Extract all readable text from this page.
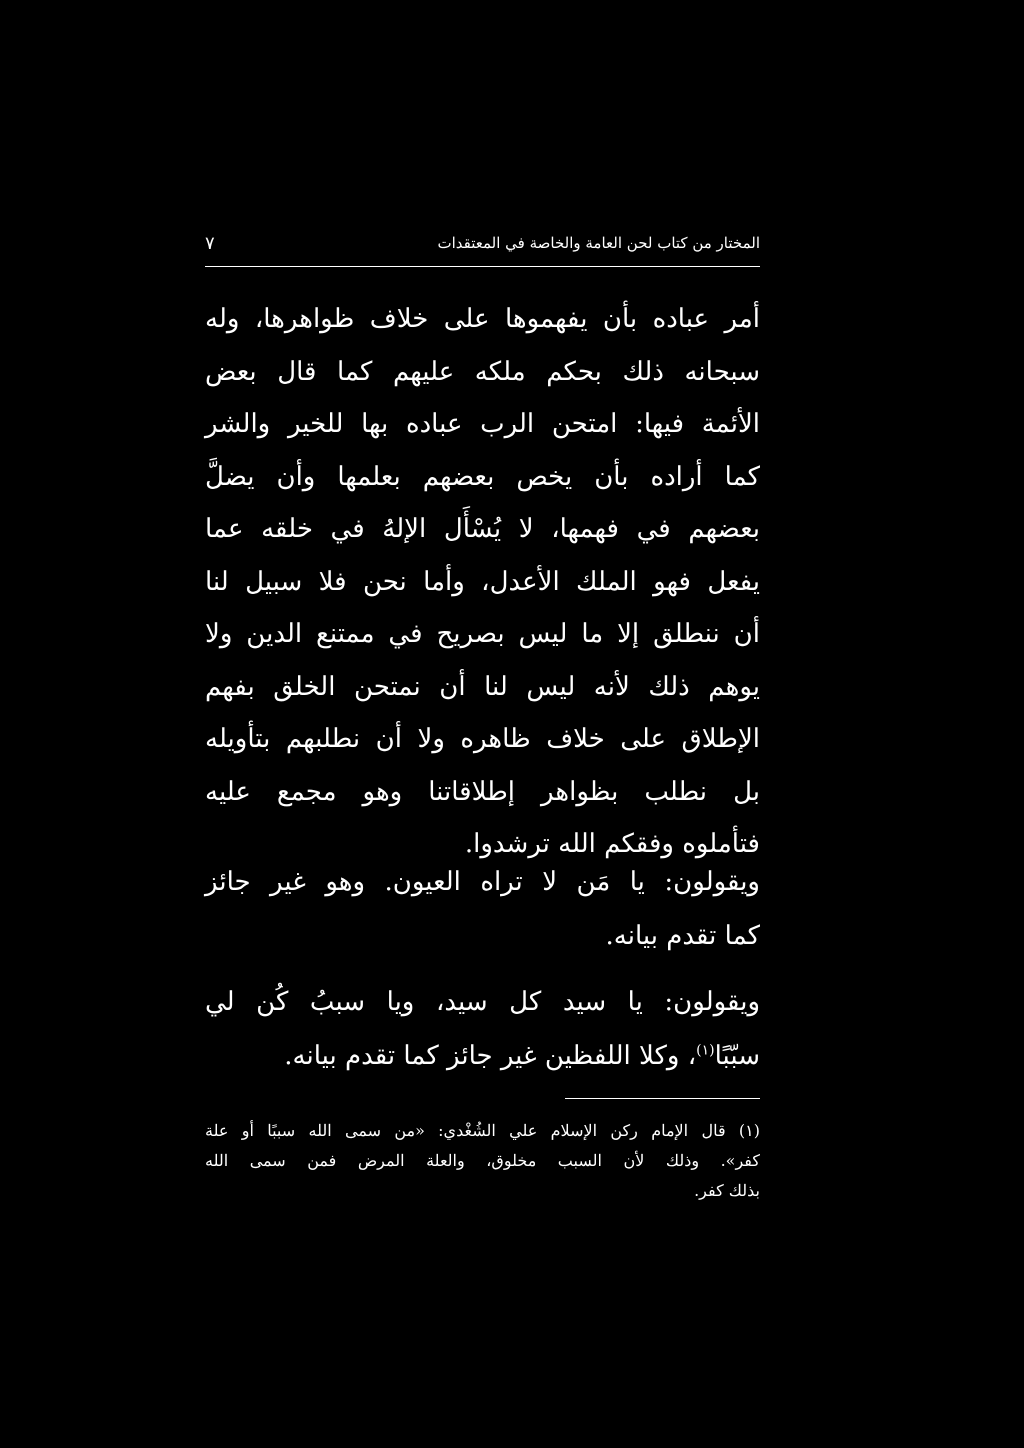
المختار من كتاب لحن العامة والخاصة في المعتقدات
٧
أمر عباده بأن يفهموها على خلاف ظواهرها، وله
سبحانه ذلك بحكم ملكه عليهم كما قال بعض
الأئمة فيها: امتحن الرب عباده بها للخير والشر
كما أراده بأن يخص بعضهم بعلمها وأن يضلَّ
بعضهم في فهمها، لا يُسْأَل الإلهُ في خلقه عما
يفعل فهو الملك الأعدل، وأما نحن فلا سبيل لنا
أن ننطلق إلا ما ليس بصريح في ممتنع الدين ولا
يوهم ذلك لأنه ليس لنا أن نمتحن الخلق بفهم
الإطلاق على خلاف ظاهره ولا أن نطلبهم بتأويله
بل نطلب بظواهر إطلاقاتنا وهو مجمع عليه
فتأملوه وفقكم الله ترشدوا.
ويقولون: يا مَن لا تراه العيون. وهو غير جائز
كما تقدم بيانه.
ويقولون: يا سيد كل سيد، ويا سببُ كُن لي
سبّبًا$^{(١)}$، وكلا اللفظين غير جائز كما تقدم بيانه.
(١) قال الإمام ركن الإسلام علي الشُغْدي: «من سمى الله سببًا أو علة
كفر». وذلك لأن السبب مخلوق، والعلة المرض فمن سمى الله
بذلك كفر.
